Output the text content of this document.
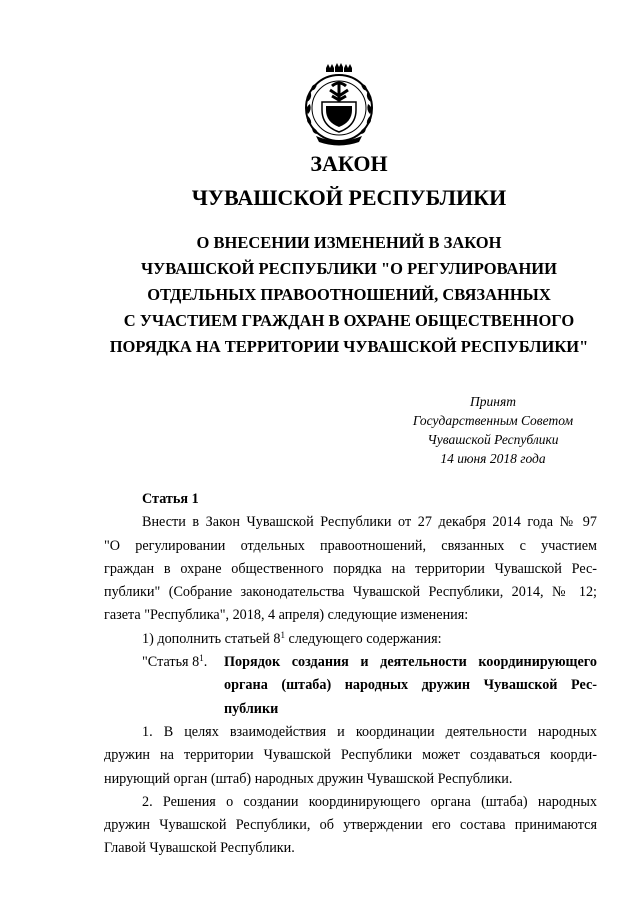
ЗАКОН
ЧУВАШСКОЙ РЕСПУБЛИКИ
О ВНЕСЕНИИ ИЗМЕНЕНИЙ В ЗАКОН
ЧУВАШСКОЙ РЕСПУБЛИКИ "О РЕГУЛИРОВАНИИ
ОТДЕЛЬНЫХ ПРАВООТНОШЕНИЙ, СВЯЗАННЫХ
С УЧАСТИЕМ ГРАЖДАН В ОХРАНЕ ОБЩЕСТВЕННОГО
ПОРЯДКА НА ТЕРРИТОРИИ ЧУВАШСКОЙ РЕСПУБЛИКИ"
Принят
Государственным Советом
Чувашской Республики
14 июня 2018 года
Статья 1
Внести в Закон Чувашской Республики от 27 декабря 2014 года № 97
"О регулировании отдельных правоотношений, связанных с участием
граждан в охране общественного порядка на территории Чувашской Рес-
публики" (Собрание законодательства Чувашской Республики, 2014, № 12;
газета "Республика", 2018, 4 апреля) следующие изменения:
1) дополнить статьей $8^1$ следующего содержания:
"Статья $8^1$. Порядок создания и деятельности координирующего
органа (штаба) народных дружин Чувашской Рес-
публики
1. В целях взаимодействия и координации деятельности народных
дружин на территории Чувашской Республики может создаваться коорди-
нирующий орган (штаб) народных дружин Чувашской Республики.
2. Решения о создании координирующего органа (штаба) народных
дружин Чувашской Республики, об утверждении его состава принимаются
Главой Чувашской Республики.
